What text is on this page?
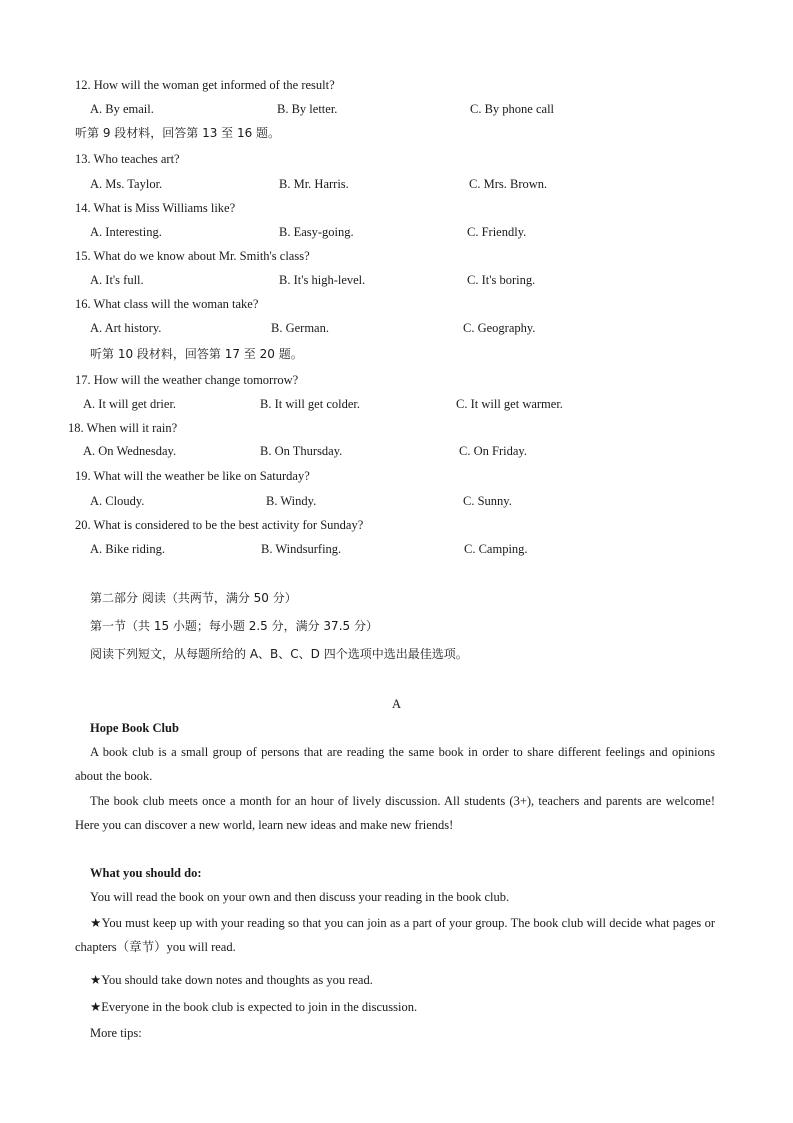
12. How will the woman get informed of the result?
A. By email.	B. By letter.	C. By phone call
听第 9 段材料，回答第 13 至 16 题。
13. Who teaches art?
A. Ms. Taylor.	B. Mr. Harris.	C. Mrs. Brown.
14. What is Miss Williams like?
A. Interesting.	B. Easy-going.	C. Friendly.
15. What do we know about Mr. Smith's class?
A. It's full.	B. It's high-level.	C. It's boring.
16. What class will the woman take?
A. Art history.	B. German.	C. Geography.
听第 10 段材料，回答第 17 至 20 题。
17. How will the weather change tomorrow?
A. It will get drier.	B. It will get colder.	C. It will get warmer.
18. When will it rain?
A. On Wednesday.	B. On Thursday.	C. On Friday.
19. What will the weather be like on Saturday?
A. Cloudy.	B. Windy.	C. Sunny.
20. What is considered to be the best activity for Sunday?
A. Bike riding.	B. Windsurfing.	C. Camping.
第二部分 阅读（共两节，满分 50 分）
第一节（共 15 小题；每小题 2.5 分，满分 37.5 分）
阅读下列短文，从每题所给的 A、B、C、D 四个选项中选出最佳选项。
A
Hope Book Club
A book club is a small group of persons that are reading the same book in order to share different feelings and opinions about the book.
The book club meets once a month for an hour of lively discussion. All students (3+), teachers and parents are welcome! Here you can discover a new world, learn new ideas and make new friends!
What you should do:
You will read the book on your own and then discuss your reading in the book club.
★You must keep up with your reading so that you can join as a part of your group. The book club will decide what pages or chapters（章节）you will read.
★You should take down notes and thoughts as you read.
★Everyone in the book club is expected to join in the discussion.
More tips:
